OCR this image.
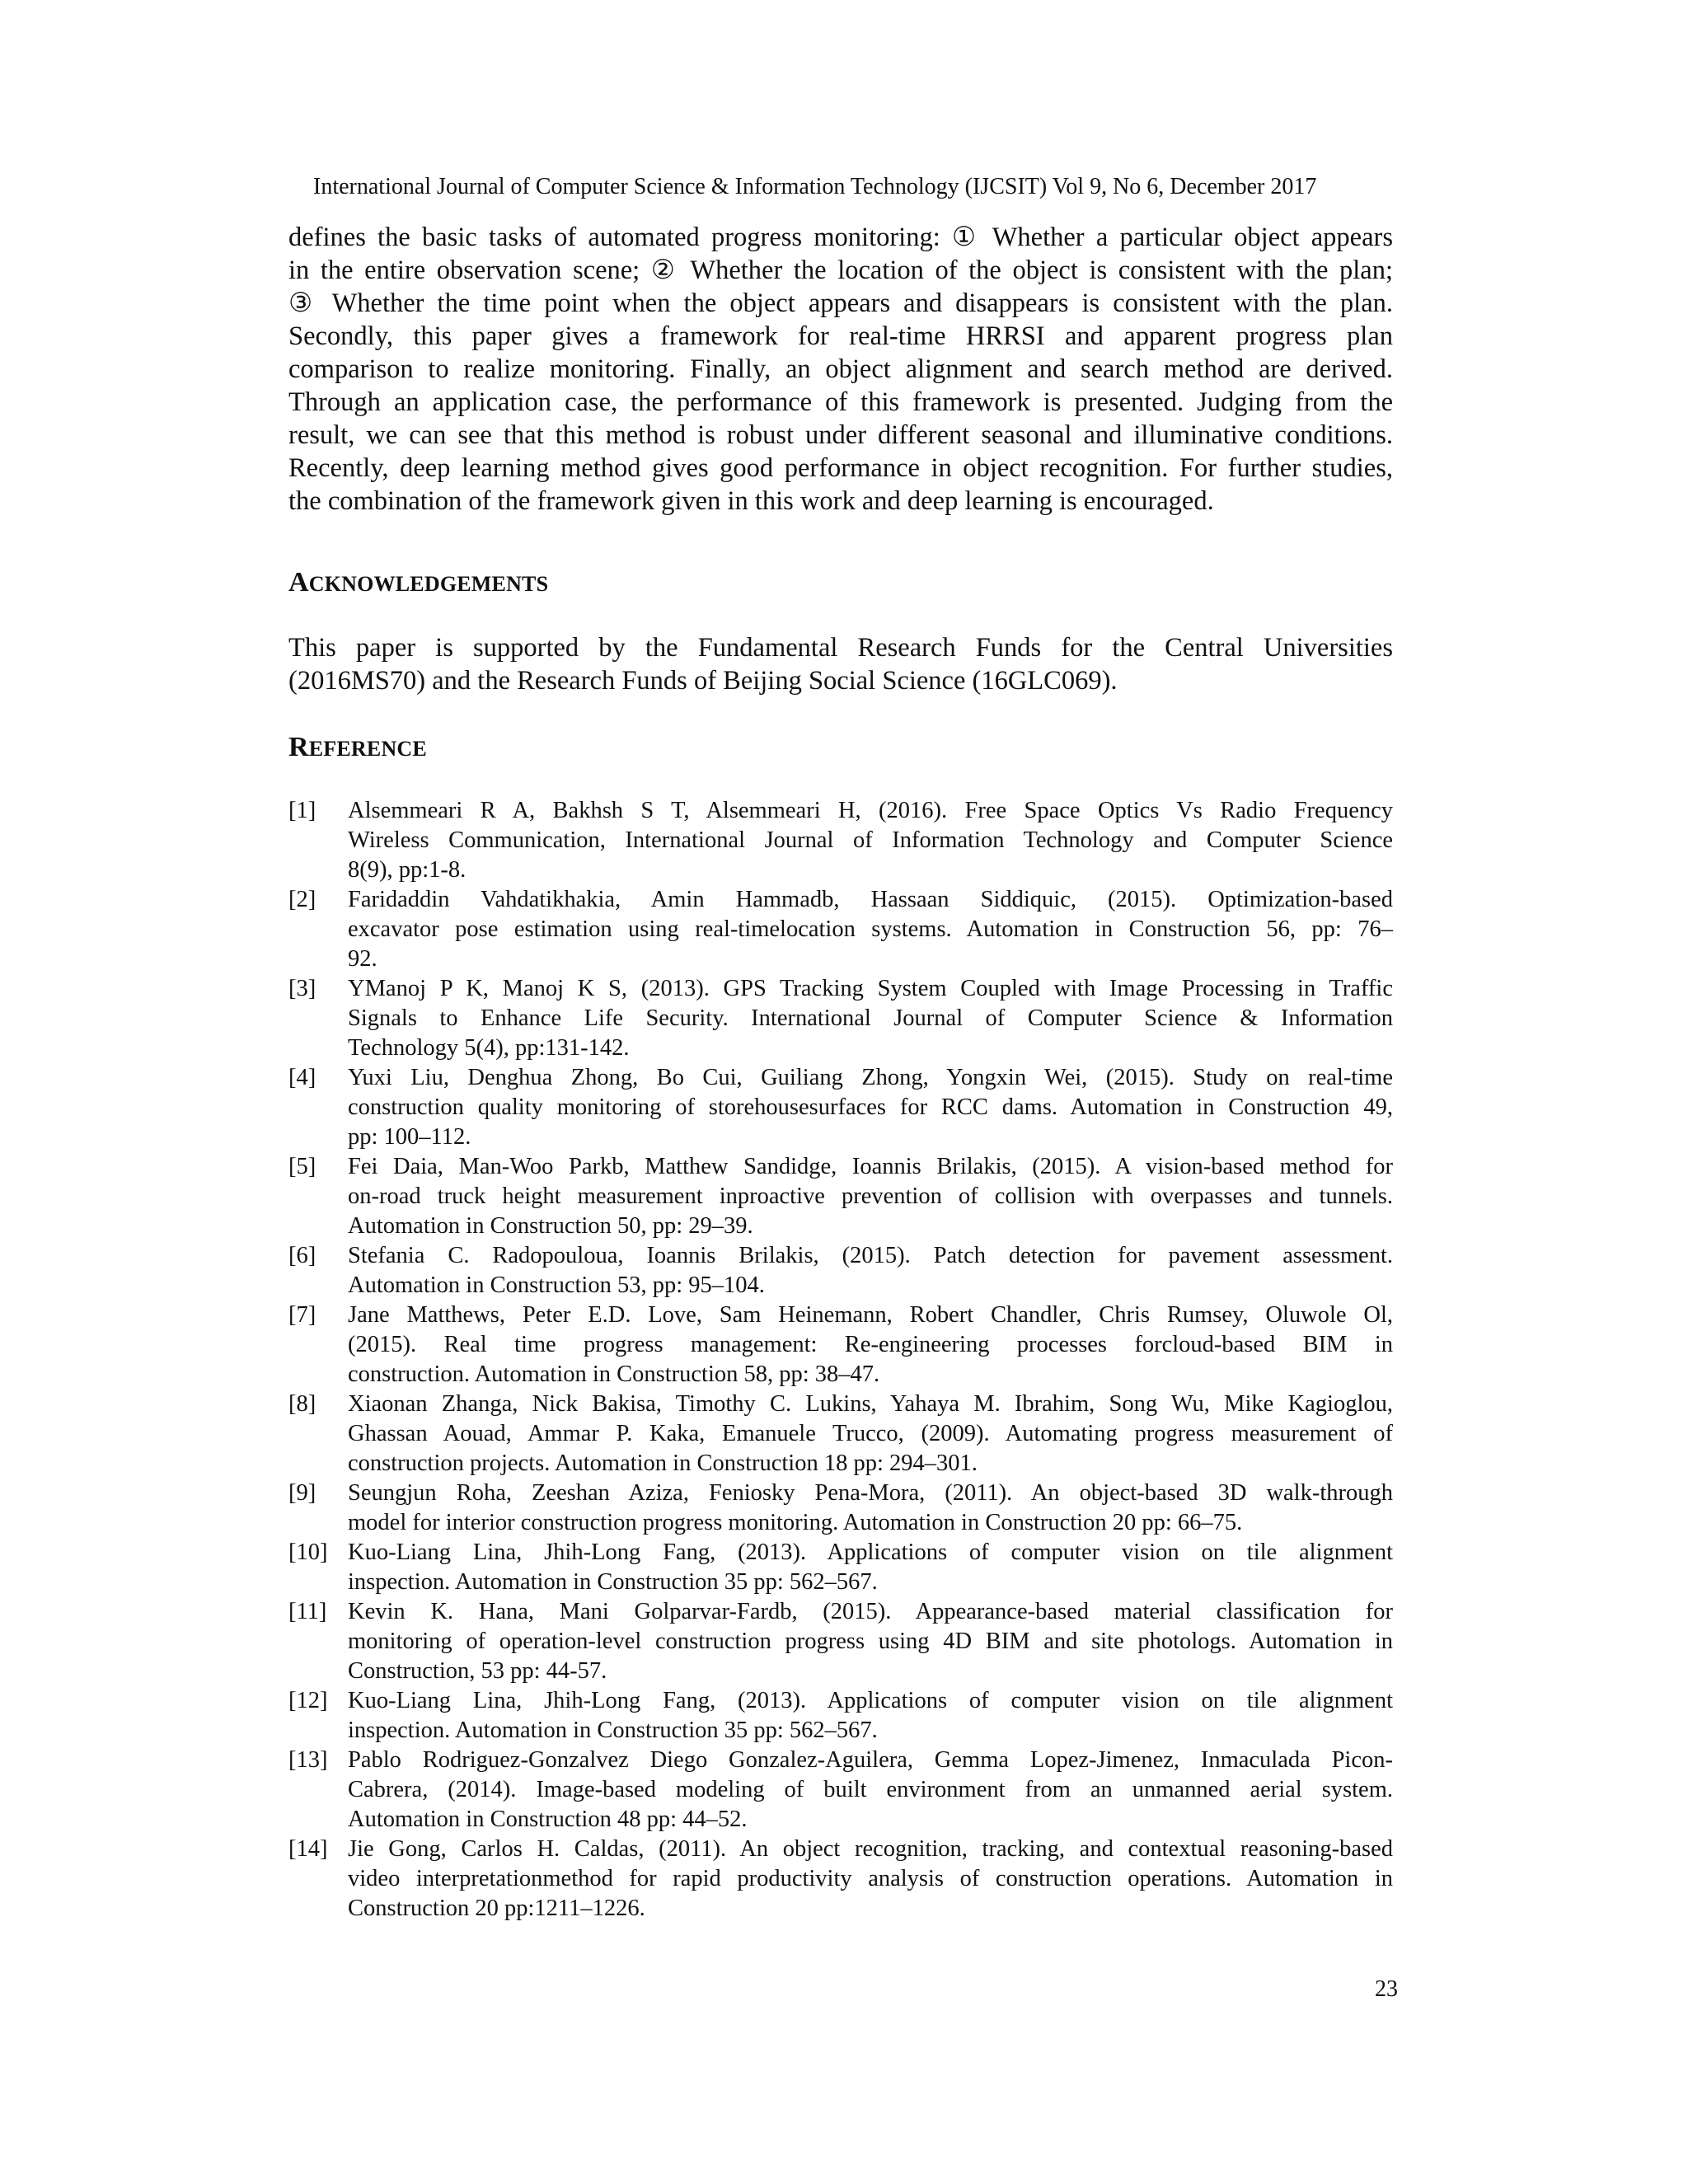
International Journal of Computer Science & Information Technology (IJCSIT) Vol 9, No 6, December 2017
defines the basic tasks of automated progress monitoring: ① Whether a particular object appears
in the entire observation scene; ② Whether the location of the object is consistent with the plan;
③ Whether the time point when the object appears and disappears is consistent with the plan.
Secondly, this paper gives a framework for real-time HRRSI and apparent progress plan
comparison to realize monitoring. Finally, an object alignment and search method are derived.
Through an application case, the performance of this framework is presented. Judging from the
result, we can see that this method is robust under different seasonal and illuminative conditions.
Recently, deep learning method gives good performance in object recognition. For further studies,
the combination of the framework given in this work and deep learning is encouraged.
ACKNOWLEDGEMENTS
This paper is supported by the Fundamental Research Funds for the Central Universities
(2016MS70) and the Research Funds of Beijing Social Science (16GLC069).
REFERENCE
[1] Alsemmeari R A, Bakhsh S T, Alsemmeari H, (2016). Free Space Optics Vs Radio Frequency
Wireless Communication, International Journal of Information Technology and Computer Science
8(9), pp:1-8.
[2] Faridaddin Vahdatikhakia, Amin Hammadb, Hassaan Siddiquic, (2015). Optimization-based
excavator pose estimation using real-timelocation systems. Automation in Construction 56, pp: 76–
92.
[3] YManoj P K, Manoj K S, (2013). GPS Tracking System Coupled with Image Processing in Traffic
Signals to Enhance Life Security. International Journal of Computer Science & Information
Technology 5(4), pp:131-142.
[4] Yuxi Liu, Denghua Zhong, Bo Cui, Guiliang Zhong, Yongxin Wei, (2015). Study on real-time
construction quality monitoring of storehousesurfaces for RCC dams. Automation in Construction 49,
pp: 100–112.
[5] Fei Daia, Man-Woo Parkb, Matthew Sandidge, Ioannis Brilakis, (2015). A vision-based method for
on-road truck height measurement inproactive prevention of collision with overpasses and tunnels.
Automation in Construction 50, pp: 29–39.
[6] Stefania C. Radopouloua, Ioannis Brilakis, (2015). Patch detection for pavement assessment.
Automation in Construction 53, pp: 95–104.
[7] Jane Matthews, Peter E.D. Love, Sam Heinemann, Robert Chandler, Chris Rumsey, Oluwole Ol,
(2015). Real time progress management: Re-engineering processes forcloud-based BIM in
construction. Automation in Construction 58, pp: 38–47.
[8] Xiaonan Zhanga, Nick Bakisa, Timothy C. Lukins, Yahaya M. Ibrahim, Song Wu, Mike Kagioglou,
Ghassan Aouad, Ammar P. Kaka, Emanuele Trucco, (2009). Automating progress measurement of
construction projects. Automation in Construction 18 pp: 294–301.
[9] Seungjun Roha, Zeeshan Aziza, Feniosky Pena-Mora, (2011). An object-based 3D walk-through
model for interior construction progress monitoring. Automation in Construction 20 pp: 66–75.
[10] Kuo-Liang Lina, Jhih-Long Fang, (2013). Applications of computer vision on tile alignment
inspection. Automation in Construction 35 pp: 562–567.
[11] Kevin K. Hana, Mani Golparvar-Fardb, (2015). Appearance-based material classification for
monitoring of operation-level construction progress using 4D BIM and site photologs. Automation in
Construction, 53 pp: 44-57.
[12] Kuo-Liang Lina, Jhih-Long Fang, (2013). Applications of computer vision on tile alignment
inspection. Automation in Construction 35 pp: 562–567.
[13] Pablo Rodriguez-Gonzalvez Diego Gonzalez-Aguilera, Gemma Lopez-Jimenez, Inmaculada Picon-
Cabrera, (2014). Image-based modeling of built environment from an unmanned aerial system.
Automation in Construction 48 pp: 44–52.
[14] Jie Gong, Carlos H. Caldas, (2011). An object recognition, tracking, and contextual reasoning-based
video interpretationmethod for rapid productivity analysis of construction operations. Automation in
Construction 20 pp:1211–1226.
23
